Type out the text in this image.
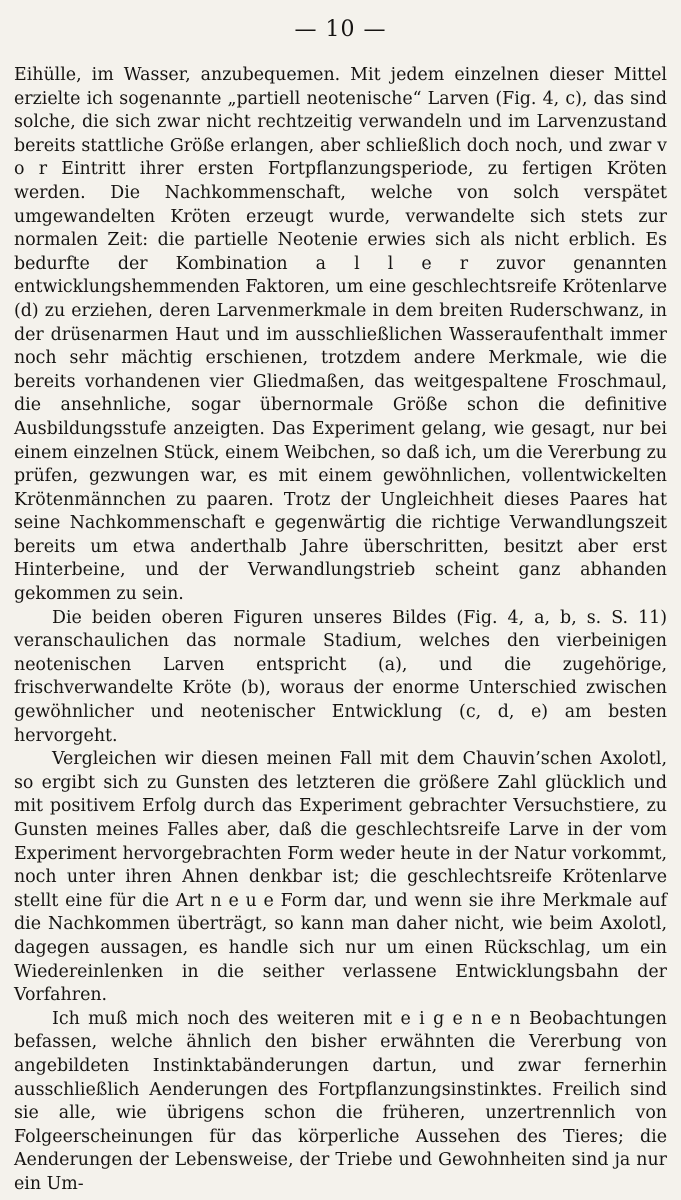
— 10 —

Eihülle, im Wasser, anzubequemen. Mit jedem einzelnen dieser Mittel erzielte ich sogenannte „partiell neotenische“ Larven (Fig. 4, c), das sind solche, die sich zwar nicht rechtzeitig verwandeln und im Larvenzustand bereits stattliche Größe erlangen, aber schließlich doch noch, und zwar v o r Eintritt ihrer ersten Fortpflanzungsperiode, zu fertigen Kröten werden. Die Nachkommenschaft, welche von solch verspätet umgewandelten Kröten erzeugt wurde, verwandelte sich stets zur normalen Zeit: die partielle Neotenie erwies sich als nicht erblich. Es bedurfte der Kombination a l l e r zuvor genannten entwicklungshemmenden Faktoren, um eine geschlechtsreife Krötenlarve (d) zu erziehen, deren Larvenmerkmale in dem breiten Ruderschwanz, in der drüsenarmen Haut und im ausschließlichen Wasseraufenthalt immer noch sehr mächtig erschienen, trotzdem andere Merkmale, wie die bereits vorhandenen vier Gliedmaßen, das weitgespaltene Froschmaul, die ansehnliche, sogar übernormale Größe schon die definitive Ausbildungsstufe anzeigten. Das Experiment gelang, wie gesagt, nur bei einem einzelnen Stück, einem Weibchen, so daß ich, um die Vererbung zu prüfen, gezwungen war, es mit einem gewöhnlichen, vollentwickelten Krötenmännchen zu paaren. Trotz der Ungleichheit dieses Paares hat seine Nachkommenschaft e gegenwärtig die richtige Verwandlungszeit bereits um etwa anderthalb Jahre überschritten, besitzt aber erst Hinterbeine, und der Verwandlungstrieb scheint ganz abhanden gekommen zu sein.

Die beiden oberen Figuren unseres Bildes (Fig. 4, a, b, s. S. 11) veranschaulichen das normale Stadium, welches den vierbeinigen neotenischen Larven entspricht (a), und die zugehörige, frischverwandelte Kröte (b), woraus der enorme Unterschied zwischen gewöhnlicher und neotenischer Entwicklung (c, d, e) am besten hervorgeht.

Vergleichen wir diesen meinen Fall mit dem Chauvin’schen Axolotl, so ergibt sich zu Gunsten des letzteren die größere Zahl glücklich und mit positivem Erfolg durch das Experiment gebrachter Versuchstiere, zu Gunsten meines Falles aber, daß die geschlechtsreife Larve in der vom Experiment hervorgebrachten Form weder heute in der Natur vorkommt, noch unter ihren Ahnen denkbar ist; die geschlechtsreife Krötenlarve stellt eine für die Art n e u e Form dar, und wenn sie ihre Merkmale auf die Nachkommen überträgt, so kann man daher nicht, wie beim Axolotl, dagegen aussagen, es handle sich nur um einen Rückschlag, um ein Wiedereinlenken in die seither verlassene Entwicklungsbahn der Vorfahren.

Ich muß mich noch des weiteren mit e i g e n e n Beobachtungen befassen, welche ähnlich den bisher erwähnten die Vererbung von angebildeten Instinktabänderungen dartun, und zwar fernerhin ausschließlich Aenderungen des Fortpflanzungsinstinktes. Freilich sind sie alle, wie übrigens schon die früheren, unzertrennlich von Folgeerscheinungen für das körperliche Aussehen des Tieres; die Aenderungen der Lebensweise, der Triebe und Gewohnheiten sind ja nur ein Um-
